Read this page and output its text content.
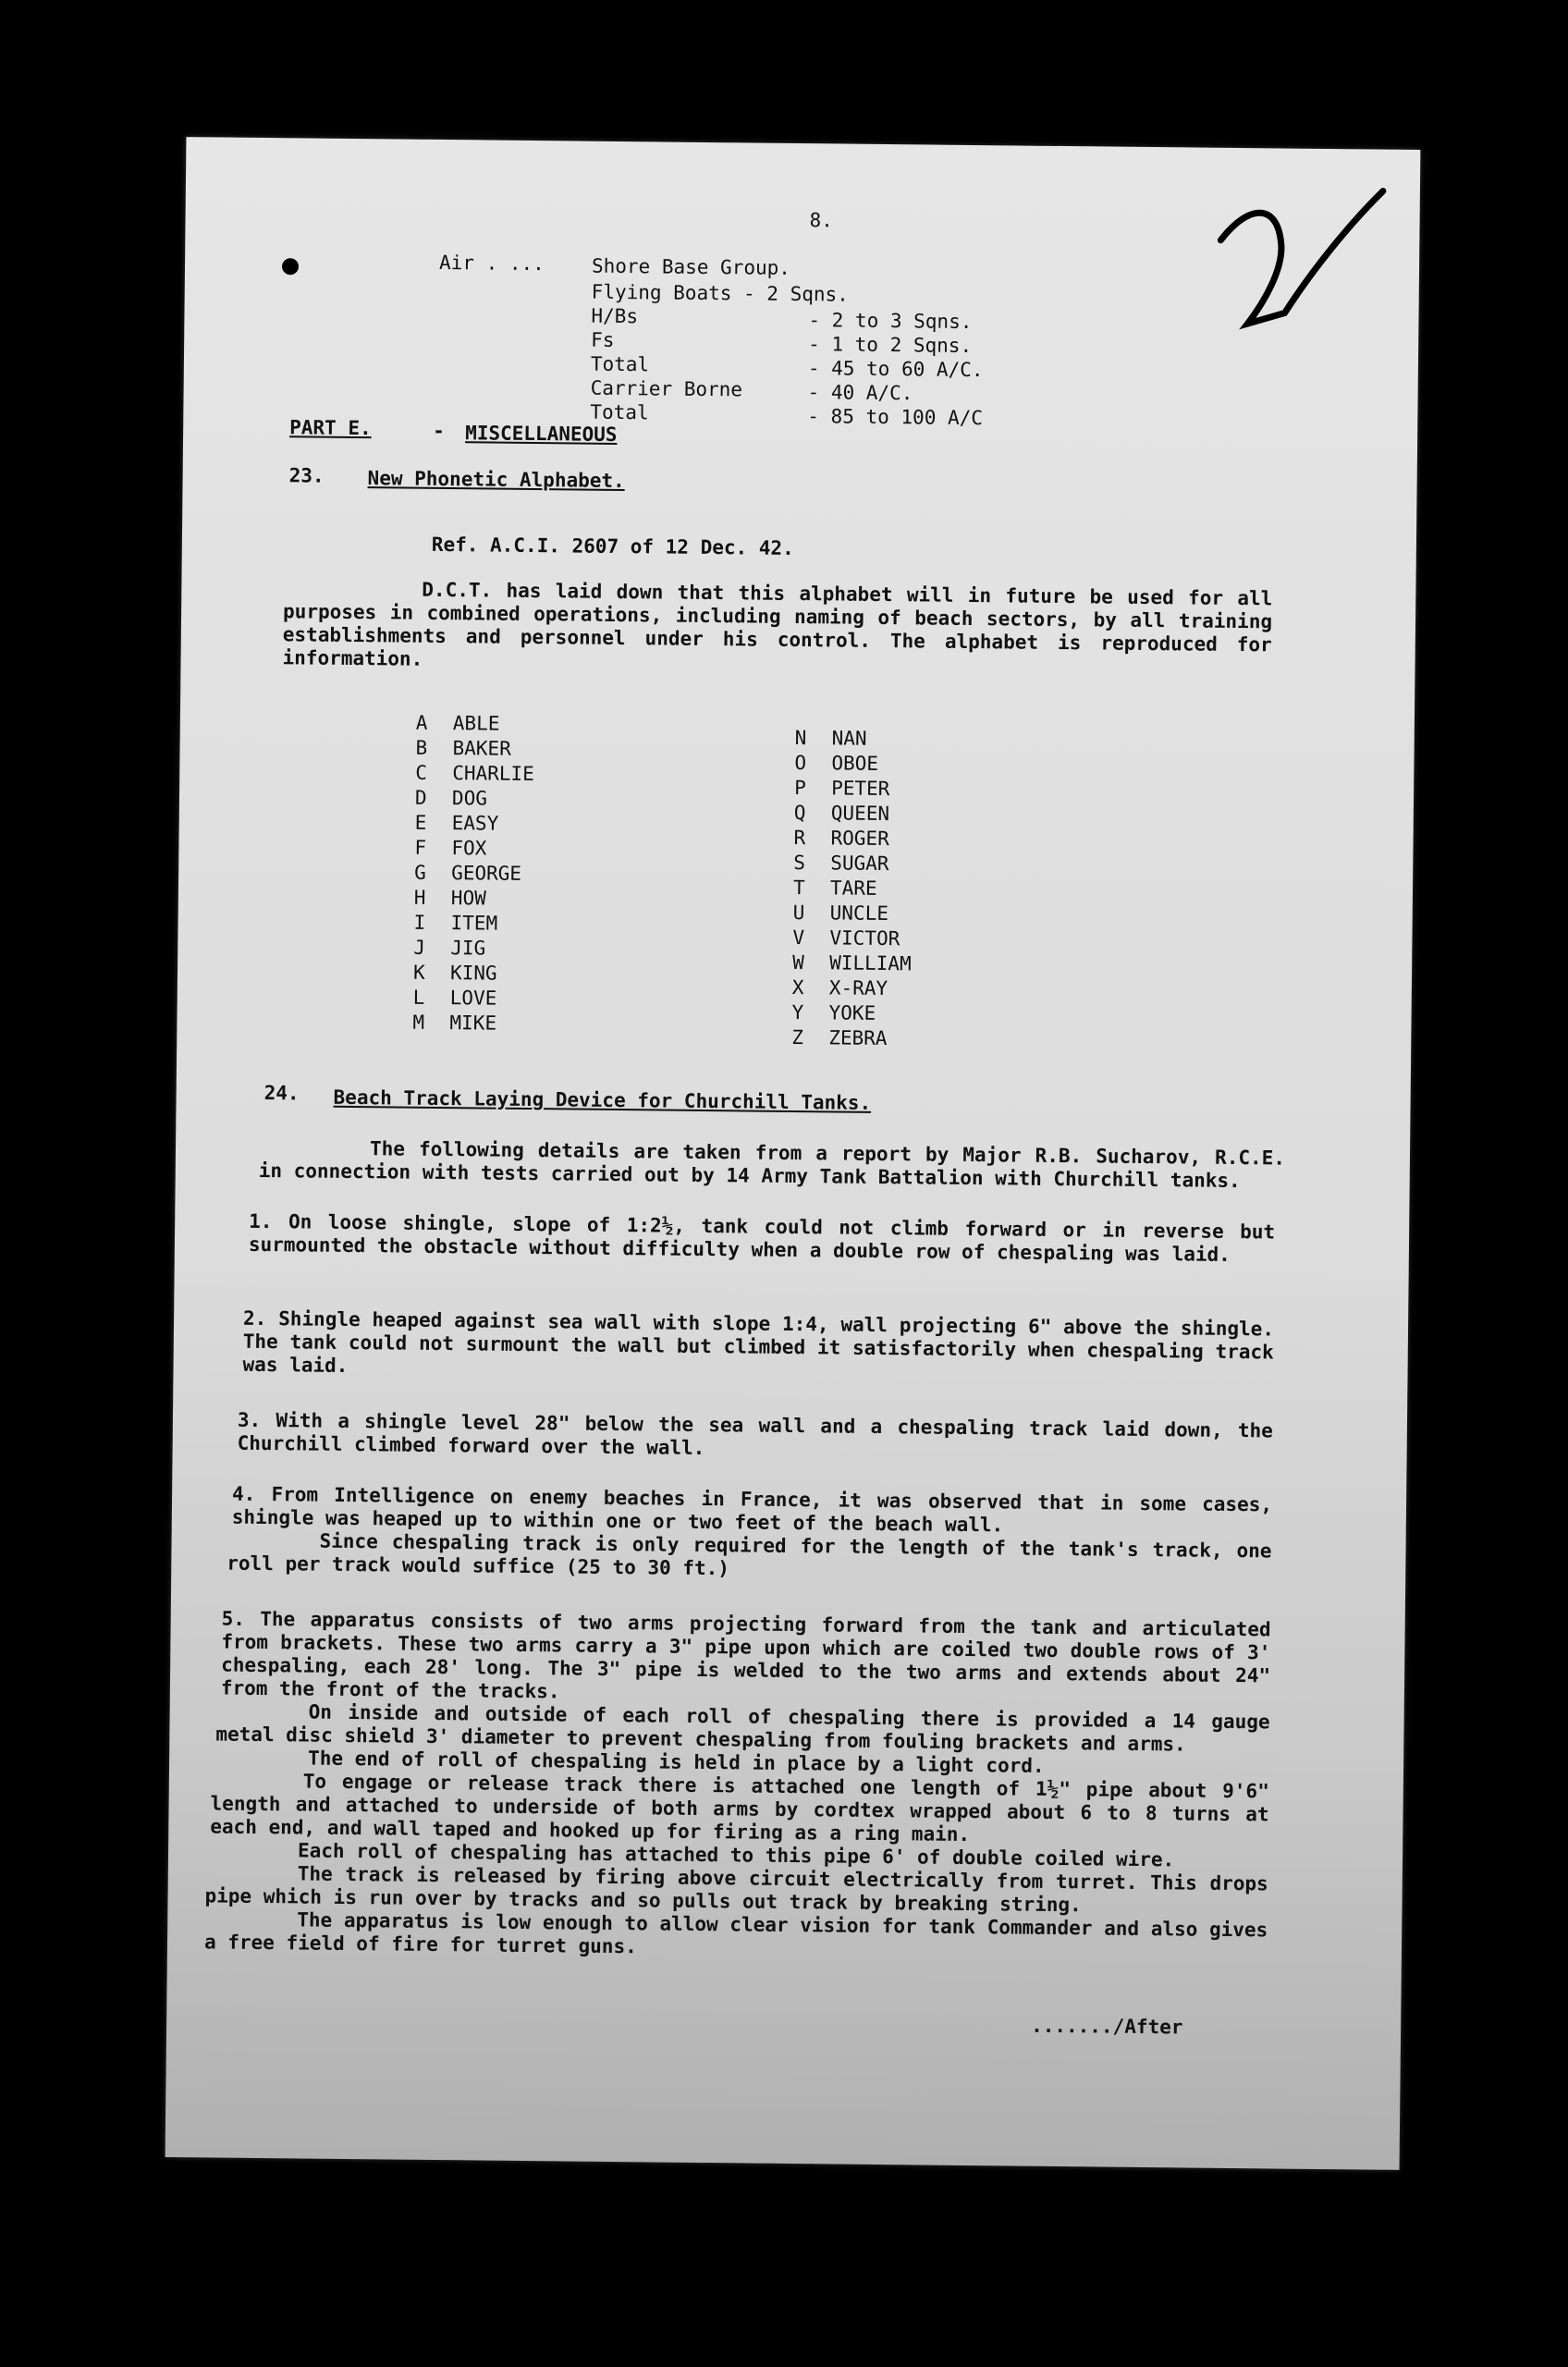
8.
Air . ... Shore Base Group.
Flying Boats - 2 Sqns.
H/Bs	- 2 to 3 Sqns.
Fs	- 1 to 2 Sqns.
Total	- 45 to 60 A/C.
Carrier Borne	- 40 A/C.
Total	- 85 to 100 A/C
PART E.	- MISCELLANEOUS
23. New Phonetic Alphabet.
Ref. A.C.I. 2607 of 12 Dec. 42.
D.C.T. has laid down that this alphabet will in future be used for all purposes in combined operations, including naming of beach sectors, by all training establishments and personnel under his control. The alphabet is reproduced for information.
A ABLE
B BAKER
C CHARLIE
D DOG
E EASY
F FOX
G GEORGE
H HOW
I ITEM
J JIG
K KING
L LOVE
M MIKE
N NAN
O OBOE
P PETER
Q QUEEN
R ROGER
S SUGAR
T TARE
U UNCLE
V VICTOR
W WILLIAM
X X-RAY
Y YOKE
Z ZEBRA
24. Beach Track Laying Device for Churchill Tanks.
The following details are taken from a report by Major R.B. Sucharov, R.C.E. in connection with tests carried out by 14 Army Tank Battalion with Churchill tanks.
1. On loose shingle, slope of 1:2½, tank could not climb forward or in reverse but surmounted the obstacle without difficulty when a double row of chespaling was laid.
2. Shingle heaped against sea wall with slope 1:4, wall projecting 6" above the shingle. The tank could not surmount the wall but climbed it satisfactorily when chespaling track was laid.
3. With a shingle level 28" below the sea wall and a chespaling track laid down, the Churchill climbed forward over the wall.
4. From Intelligence on enemy beaches in France, it was observed that in some cases, shingle was heaped up to within one or two feet of the beach wall.
Since chespaling track is only required for the length of the tank's track, one roll per track would suffice (25 to 30 ft.)
5. The apparatus consists of two arms projecting forward from the tank and articulated from brackets. These two arms carry a 3" pipe upon which are coiled two double rows of 3' chespaling, each 28' long. The 3" pipe is welded to the two arms and extends about 24" from the front of the tracks.
On inside and outside of each roll of chespaling there is provided a 14 gauge metal disc shield 3' diameter to prevent chespaling from fouling brackets and arms.
The end of roll of chespaling is held in place by a light cord.
To engage or release track there is attached one length of 1½" pipe about 9'6" length and attached to underside of both arms by cordtex wrapped about 6 to 8 turns at each end, and wall taped and hooked up for firing as a ring main.
Each roll of chespaling has attached to this pipe 6' of double coiled wire.
The track is released by firing above circuit electrically from turret. This drops pipe which is run over by tracks and so pulls out track by breaking string.
The apparatus is low enough to allow clear vision for tank Commander and also gives a free field of fire for turret guns.
......./After
